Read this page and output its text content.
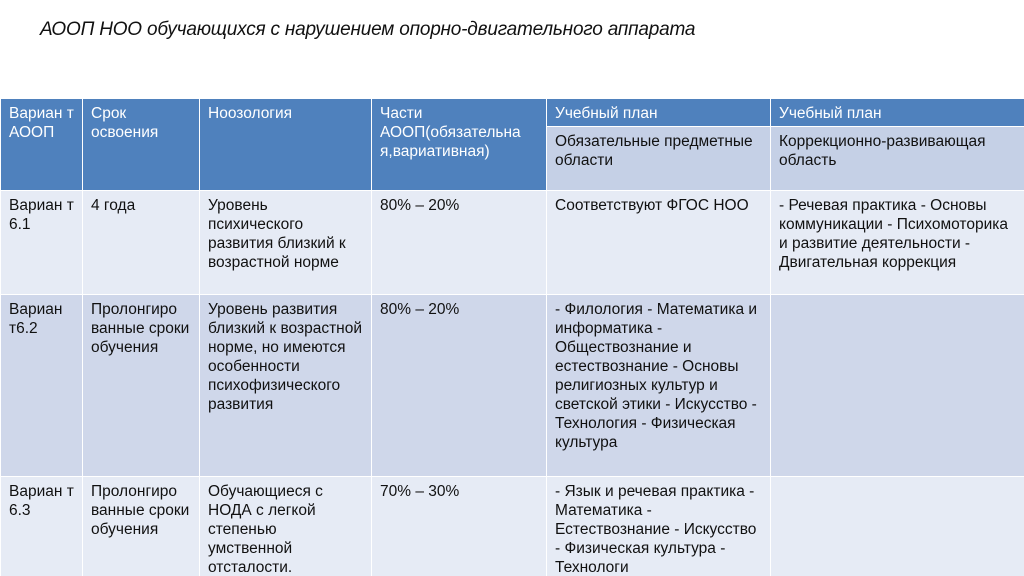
АООП НОО обучающихся с нарушением опорно-двигательного аппарата
Вариан т АООП	Срок освоения	Ноозология	Части АООП(обязательна я,вариативная)	Учебный план	Учебный план
				Обязательные предметные области	Коррекционно-развивающая область
Вариан т 6.1	4 года	Уровень психического развития близкий к возрастной норме	80% – 20%	Соответствуют ФГОС НОО	- Речевая практика - Основы коммуникации - Психомоторика и развитие деятельности - Двигательная коррекция
Вариан т6.2	Пролонгиро ванные сроки обучения	Уровень развития близкий к возрастной норме, но имеются особенности психофизического развития	80% – 20%	- Филология - Математика и информатика - Обществознание и естествознание - Основы религиозных культур и светской этики - Искусство - Технология - Физическая культура	
Вариан т 6.3	Пролонгиро ванные сроки обучения	Обучающиеся с НОДА с легкой степенью умственной отсталости.	70% – 30%	- Язык и речевая практика - Математика - Естествознание - Искусство - Физическая культура - Технологи	
